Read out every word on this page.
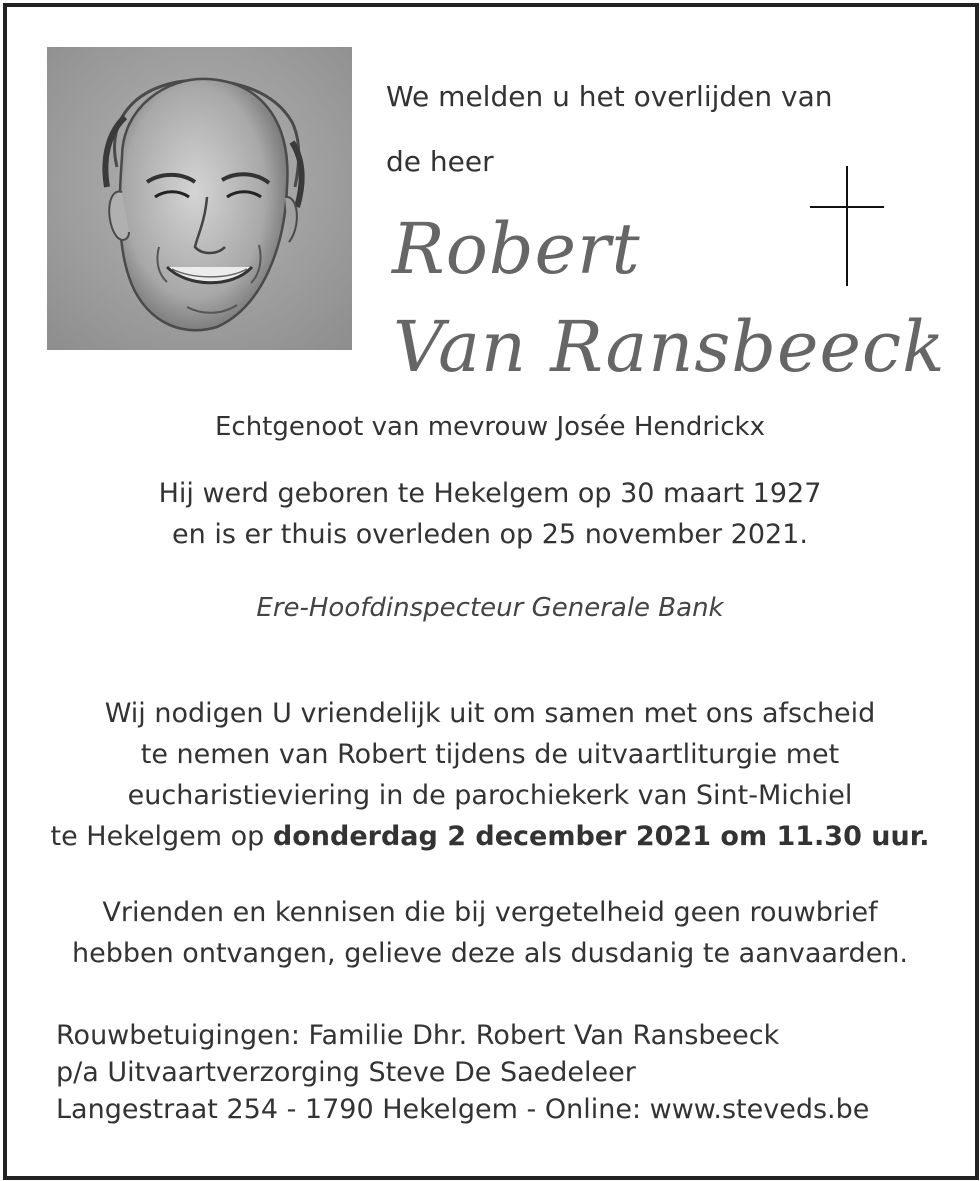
We melden u het overlijden van
de heer
Robert
Van Ransbeeck
Echtgenoot van mevrouw Josée Hendrickx
Hij werd geboren te Hekelgem op 30 maart 1927
en is er thuis overleden op 25 november 2021.
Ere-Hoofdinspecteur Generale Bank
Wij nodigen U vriendelijk uit om samen met ons afscheid
te nemen van Robert tijdens de uitvaartliturgie met
eucharistieviering in de parochiekerk van Sint-Michiel
te Hekelgem op donderdag 2 december 2021 om 11.30 uur.
Vrienden en kennisen die bij vergetelheid geen rouwbrief
hebben ontvangen, gelieve deze als dusdanig te aanvaarden.
Rouwbetuigingen: Familie Dhr. Robert Van Ransbeeck
p/a Uitvaartverzorging Steve De Saedeleer
Langestraat 254 - 1790 Hekelgem - Online: www.steveds.be
